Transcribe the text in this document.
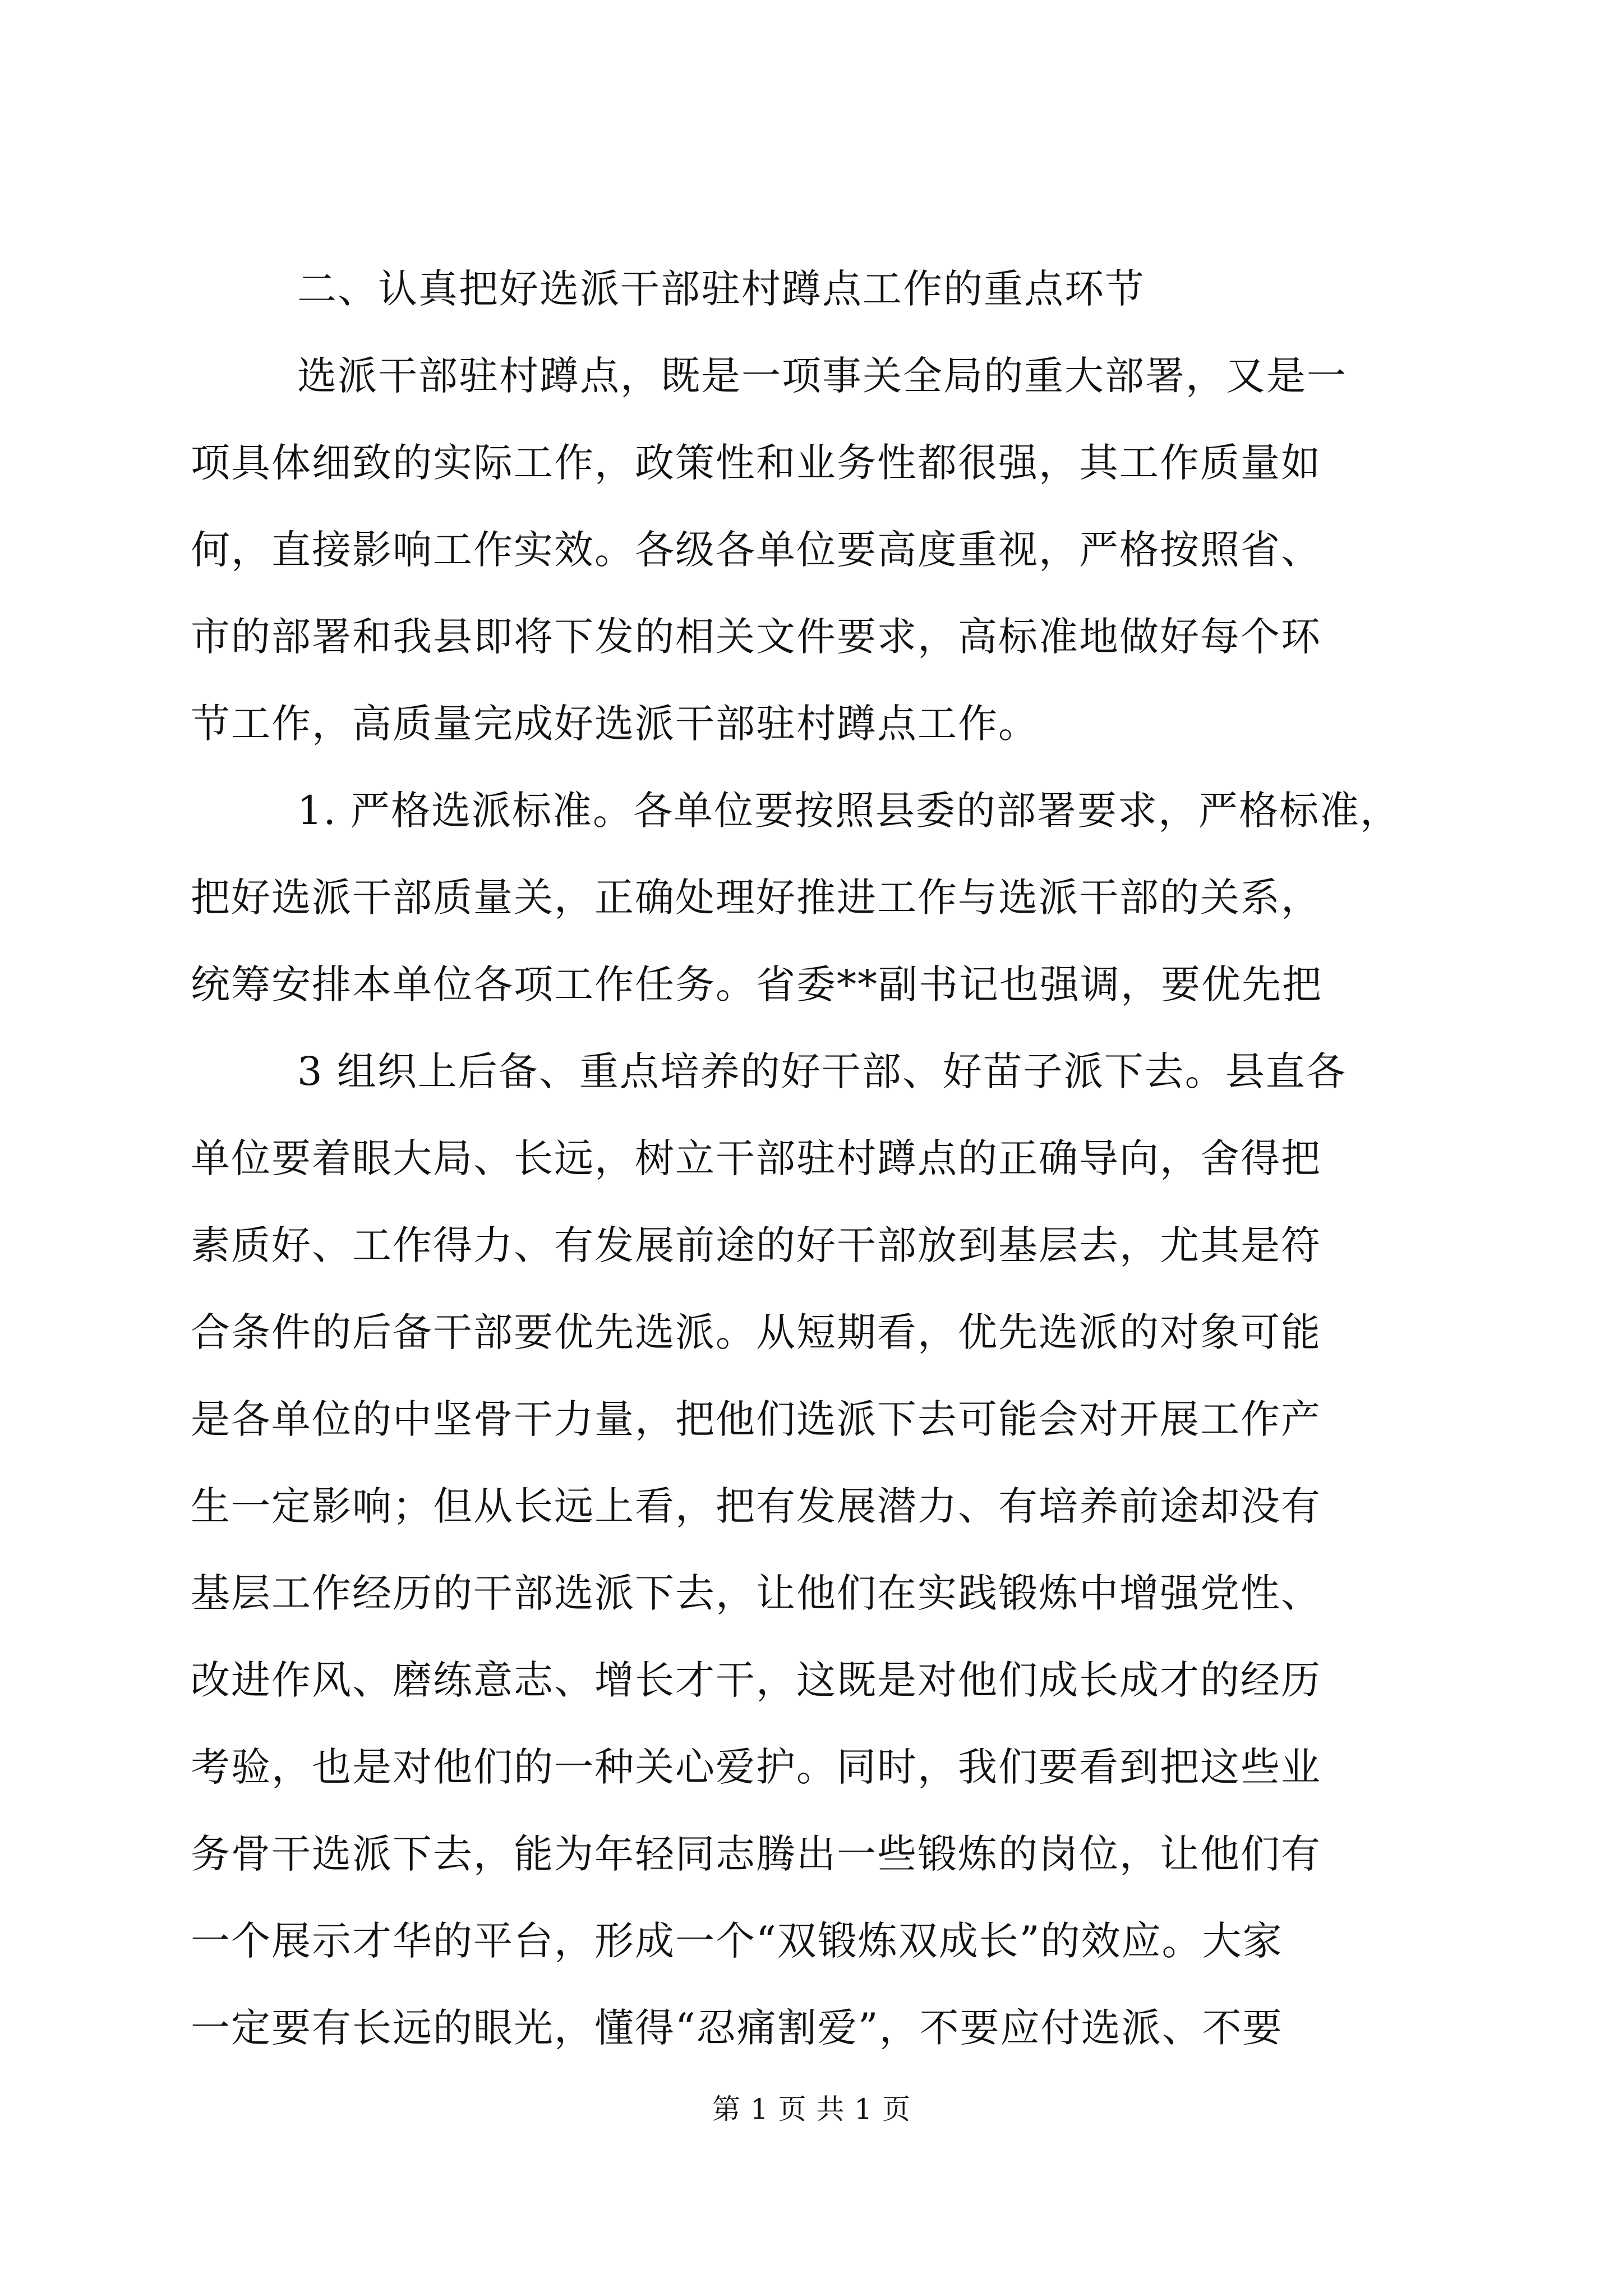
二、认真把好选派干部驻村蹲点工作的重点环节
选派干部驻村蹲点，既是一项事关全局的重大部署，又是一
项具体细致的实际工作，政策性和业务性都很强，其工作质量如
何，直接影响工作实效。各级各单位要高度重视，严格按照省、
市的部署和我县即将下发的相关文件要求，高标准地做好每个环
节工作，高质量完成好选派干部驻村蹲点工作。
1. 严格选派标准。各单位要按照县委的部署要求，严格标准，
把好选派干部质量关，正确处理好推进工作与选派干部的关系，
统筹安排本单位各项工作任务。省委**副书记也强调，要优先把
3 组织上后备、重点培养的好干部、好苗子派下去。县直各
单位要着眼大局、长远，树立干部驻村蹲点的正确导向，舍得把
素质好、工作得力、有发展前途的好干部放到基层去，尤其是符
合条件的后备干部要优先选派。从短期看，优先选派的对象可能
是各单位的中坚骨干力量，把他们选派下去可能会对开展工作产
生一定影响；但从长远上看，把有发展潜力、有培养前途却没有
基层工作经历的干部选派下去，让他们在实践锻炼中增强党性、
改进作风、磨练意志、增长才干，这既是对他们成长成才的经历
考验，也是对他们的一种关心爱护。同时，我们要看到把这些业
务骨干选派下去，能为年轻同志腾出一些锻炼的岗位，让他们有
一个展示才华的平台，形成一个“双锻炼双成长”的效应。大家
一定要有长远的眼光，懂得“忍痛割爱”，不要应付选派、不要
第 1 页 共 1 页
